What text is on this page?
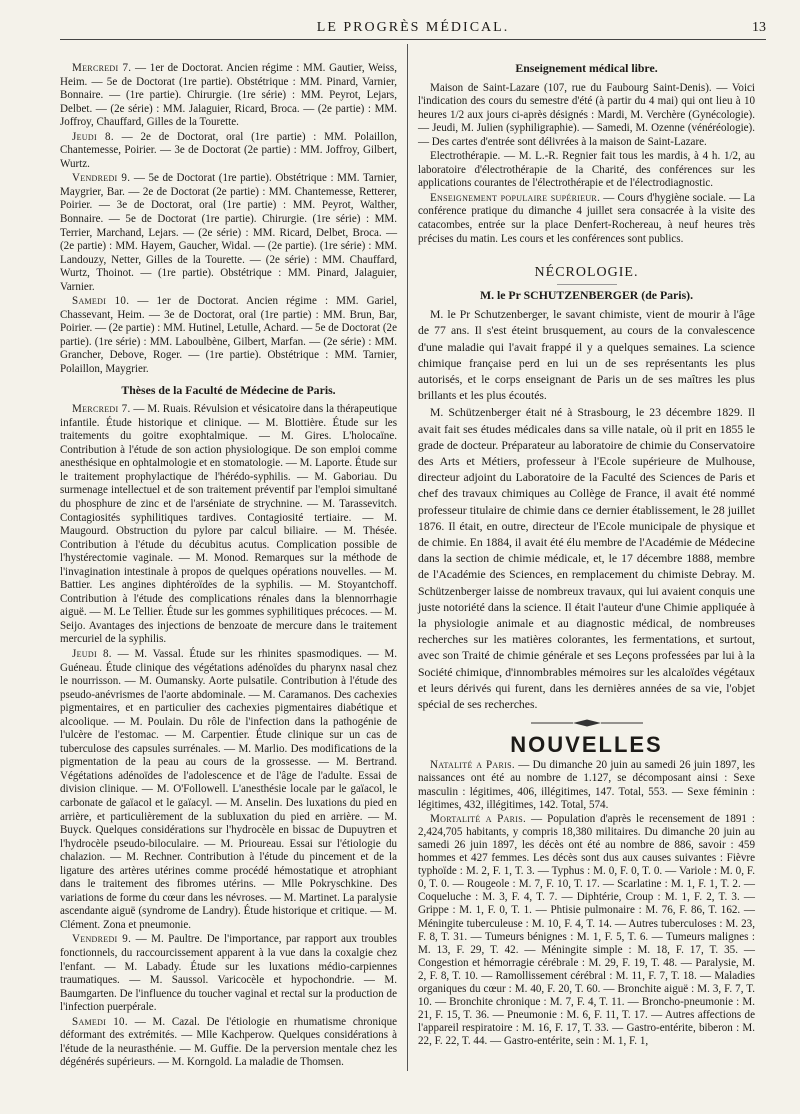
LE PROGRÈS MÉDICAL.	13

Mercredi 7. — 1er de Doctorat. Ancien régime : MM. Gautier, Weiss, Heim. — 5e de Doctorat (1re partie). Obstétrique : MM. Pinard, Varnier, Bonnaire. — (1re partie). Chirurgie. (1re série) : MM. Peyrot, Lejars, Delbet. — (2e série) : MM. Jalaguier, Ricard, Broca. — (2e partie) : MM. Joffroy, Chauffard, Gilles de la Tourette.

Jeudi 8. — 2e de Doctorat, oral (1re partie) : MM. Polaillon, Chantemesse, Poirier. — 3e de Doctorat (2e partie) : MM. Joffroy, Gilbert, Wurtz.

Vendredi 9. — 5e de Doctorat (1re partie). Obstétrique : MM. Tarnier, Maygrier, Bar. — 2e de Doctorat (2e partie) : MM. Chantemesse, Retterer, Poirier. — 3e de Doctorat, oral (1re partie) : MM. Peyrot, Walther, Bonnaire. — 5e de Doctorat (1re partie). Chirurgie. (1re série) : MM. Terrier, Marchand, Lejars. — (2e série) : MM. Ricard, Delbet, Broca. — (2e partie) : MM. Hayem, Gaucher, Widal. — (2e partie). (1re série) : MM. Landouzy, Netter, Gilles de la Tourette. — (2e série) : MM. Chauffard, Wurtz, Thoinot. — (1re partie). Obstétrique : MM. Pinard, Jalaguier, Varnier.

Samedi 10. — 1er de Doctorat. Ancien régime : MM. Gariel, Chassevant, Heim. — 3e de Doctorat, oral (1re partie) : MM. Brun, Bar, Poirier. — (2e partie) : MM. Hutinel, Letulle, Achard. — 5e de Doctorat (2e partie). (1re série) : MM. Laboulbène, Gilbert, Marfan. — (2e série) : MM. Grancher, Debove, Roger. — (1re partie). Obstétrique : MM. Tarnier, Polaillon, Maygrier.

Thèses de la Faculté de Médecine de Paris.

Mercredi 7. — M. Ruais. Révulsion et vésicatoire dans la thérapeutique infantile. Étude historique et clinique. — M. Blottière. Étude sur les traitements du goitre exophtalmique. — M. Gires. L'holocaïne. Contribution à l'étude de son action physiologique. De son emploi comme anesthésique en ophtalmologie et en stomatologie. — M. Laporte. Étude sur le traitement prophylactique de l'hérédo-syphilis. — M. Gaboriau. Du surmenage intellectuel et de son traitement préventif par l'emploi simultané du phosphure de zinc et de l'arséniate de strychnine. — M. Tarassevitch. Contagiosités syphilitiques tardives. Contagiosité tertiaire. — M. Maugourd. Obstruction du pylore par calcul biliaire. — M. Thésée. Contribution à l'étude du décubitus acutus. Complication possible de l'hystérectomie vaginale. — M. Monod. Remarques sur la méthode de l'invagination intestinale à propos de quelques opérations nouvelles. — M. Battier. Les angines diphtéroïdes de la syphilis. — M. Stoyantchoff. Contribution à l'étude des complications rénales dans la blennorrhagie aiguë. — M. Le Tellier. Étude sur les gommes syphilitiques précoces. — M. Seijo. Avantages des injections de benzoate de mercure dans le traitement mercuriel de la syphilis.

Jeudi 8. — M. Vassal. Étude sur les rhinites spasmodiques. — M. Guéneau. Étude clinique des végétations adénoïdes du pharynx nasal chez le nourrisson. — M. Oumansky. Aorte pulsatile. Contribution à l'étude des pseudo-anévrismes de l'aorte abdominale. — M. Caramanos. Des cachexies pigmentaires, et en particulier des cachexies pigmentaires diabétique et alcoolique. — M. Poulain. Du rôle de l'infection dans la pathogénie de l'ulcère de l'estomac. — M. Carpentier. Étude clinique sur un cas de tuberculose des capsules surrénales. — M. Marlio. Des modifications de la pigmentation de la peau au cours de la grossesse. — M. Bertrand. Végétations adénoïdes de l'adolescence et de l'âge de l'adulte. Essai de division clinique. — M. O'Followell. L'anesthésie locale par le gaïacol, le carbonate de gaïacol et le gaïacyl. — M. Anselin. Des luxations du pied en arrière, et particulièrement de la subluxation du pied en arrière. — M. Buyck. Quelques considérations sur l'hydrocèle en bissac de Dupuytren et l'hydrocèle pseudo-biloculaire. — M. Prioureau. Essai sur l'étiologie du chalazion. — M. Rechner. Contribution à l'étude du pincement et de la ligature des artères utérines comme procédé hémostatique et atrophiant dans le traitement des fibromes utérins. — Mlle Pokryschkine. Des variations de forme du cœur dans les névroses. — M. Martinet. La paralysie ascendante aiguë (syndrome de Landry). Étude historique et critique. — M. Clément. Zona et pneumonie.

Vendredi 9. — M. Paultre. De l'importance, par rapport aux troubles fonctionnels, du raccourcissement apparent à la vue dans la coxalgie chez l'enfant. — M. Labady. Étude sur les luxations médio-carpiennes traumatiques. — M. Saussol. Varicocèle et hypochondrie. — M. Baumgarten. De l'influence du toucher vaginal et rectal sur la production de l'infection puerpérale.

Samedi 10. — M. Cazal. De l'étiologie en rhumatisme chronique déformant des extrémités. — Mlle Kachperow. Quelques considérations à l'étude de la neurasthénie. — M. Guffie. De la perversion mentale chez les dégénérés supérieurs. — M. Korngold. La maladie de Thomsen.

Enseignement médical libre.

Maison de Saint-Lazare (107, rue du Faubourg Saint-Denis). — Voici l'indication des cours du semestre d'été (à partir du 4 mai) qui ont lieu à 10 heures 1/2 aux jours ci-après désignés : Mardi, M. Verchère (Gynécologie). — Jeudi, M. Julien (syphiligraphie). — Samedi, M. Ozenne (vénéréologie). — Des cartes d'entrée sont délivrées à la maison de Saint-Lazare.

Electrothérapie. — M. L.-R. Regnier fait tous les mardis, à 4 h. 1/2, au laboratoire d'électrothérapie de la Charité, des conférences sur les applications courantes de l'électrothérapie et de l'électrodiagnostic.

Enseignement populaire supérieur. — Cours d'hygiène sociale. — La conférence pratique du dimanche 4 juillet sera consacrée à la visite des catacombes, entrée sur la place Denfert-Rochereau, à neuf heures très précises du matin. Les cours et les conférences sont publics.

NÉCROLOGIE.
M. le Pr SCHUTZENBERGER (de Paris).

M. le Pr Schutzenberger, le savant chimiste, vient de mourir à l'âge de 77 ans. Il s'est éteint brusquement, au cours de la convalescence d'une maladie qui l'avait frappé il y a quelques semaines. La science chimique française perd en lui un de ses représentants les plus autorisés, et le corps enseignant de Paris un de ses maîtres les plus brillants et les plus écoutés.

M. Schützenberger était né à Strasbourg, le 23 décembre 1829. Il avait fait ses études médicales dans sa ville natale, où il prit en 1855 le grade de docteur. Préparateur au laboratoire de chimie du Conservatoire des Arts et Métiers, professeur à l'Ecole supérieure de Mulhouse, directeur adjoint du Laboratoire de la Faculté des Sciences de Paris et chef des travaux chimiques au Collège de France, il avait été nommé professeur titulaire de chimie dans ce dernier établissement, le 28 juillet 1876. Il était, en outre, directeur de l'Ecole municipale de physique et de chimie. En 1884, il avait été élu membre de l'Académie de Médecine dans la section de chimie médicale, et, le 17 décembre 1888, membre de l'Académie des Sciences, en remplacement du chimiste Debray. M. Schützenberger laisse de nombreux travaux, qui lui avaient conquis une juste notoriété dans la science. Il était l'auteur d'une Chimie appliquée à la physiologie animale et au diagnostic médical, de nombreuses recherches sur les matières colorantes, les fermentations, et surtout, avec son Traité de chimie générale et ses Leçons professées par lui à la Société chimique, d'innombrables mémoires sur les alcaloïdes végétaux et leurs dérivés qui furent, dans les dernières années de sa vie, l'objet spécial de ses recherches.

NOUVELLES

Natalité a Paris. — Du dimanche 20 juin au samedi 26 juin 1897, les naissances ont été au nombre de 1.127, se décomposant ainsi : Sexe masculin : légitimes, 406, illégitimes, 147. Total, 553. — Sexe féminin : légitimes, 432, illégitimes, 142. Total, 574.

Mortalité a Paris. — Population d'après le recensement de 1891 : 2,424,705 habitants, y compris 18,380 militaires. Du dimanche 20 juin au samedi 26 juin 1897, les décès ont été au nombre de 886, savoir : 459 hommes et 427 femmes. Les décès sont dus aux causes suivantes : Fièvre typhoïde : M. 2, F. 1, T. 3. — Typhus : M. 0, F. 0, T. 0. — Variole : M. 0, F. 0, T. 0. — Rougeole : M. 7, F. 10, T. 17. — Scarlatine : M. 1, F. 1, T. 2. — Coqueluche : M. 3, F. 4, T. 7. — Diphtérie, Croup : M. 1, F. 2, T. 3. — Grippe : M. 1, F. 0, T. 1. — Phtisie pulmonaire : M. 76, F. 86, T. 162. — Méningite tuberculeuse : M. 10, F. 4, T. 14. — Autres tuberculoses : M. 23, F. 8, T. 31. — Tumeurs bénignes : M. 1, F. 5, T. 6. — Tumeurs malignes : M. 13, F. 29, T. 42. — Méningite simple : M. 18, F. 17, T. 35. — Congestion et hémorragie cérébrale : M. 29, F. 19, T. 48. — Paralysie, M. 2, F. 8, T. 10. — Ramollissement cérébral : M. 11, F. 7, T. 18. — Maladies organiques du cœur : M. 40, F. 20, T. 60. — Bronchite aiguë : M. 3, F. 7, T. 10. — Bronchite chronique : M. 7, F. 4, T. 11. — Broncho-pneumonie : M. 21, F. 15, T. 36. — Pneumonie : M. 6, F. 11, T. 17. — Autres affections de l'appareil respiratoire : M. 16, F. 17, T. 33. — Gastro-entérite, biberon : M. 22, F. 22, T. 44. — Gastro-entérite, sein : M. 1, F. 1,
